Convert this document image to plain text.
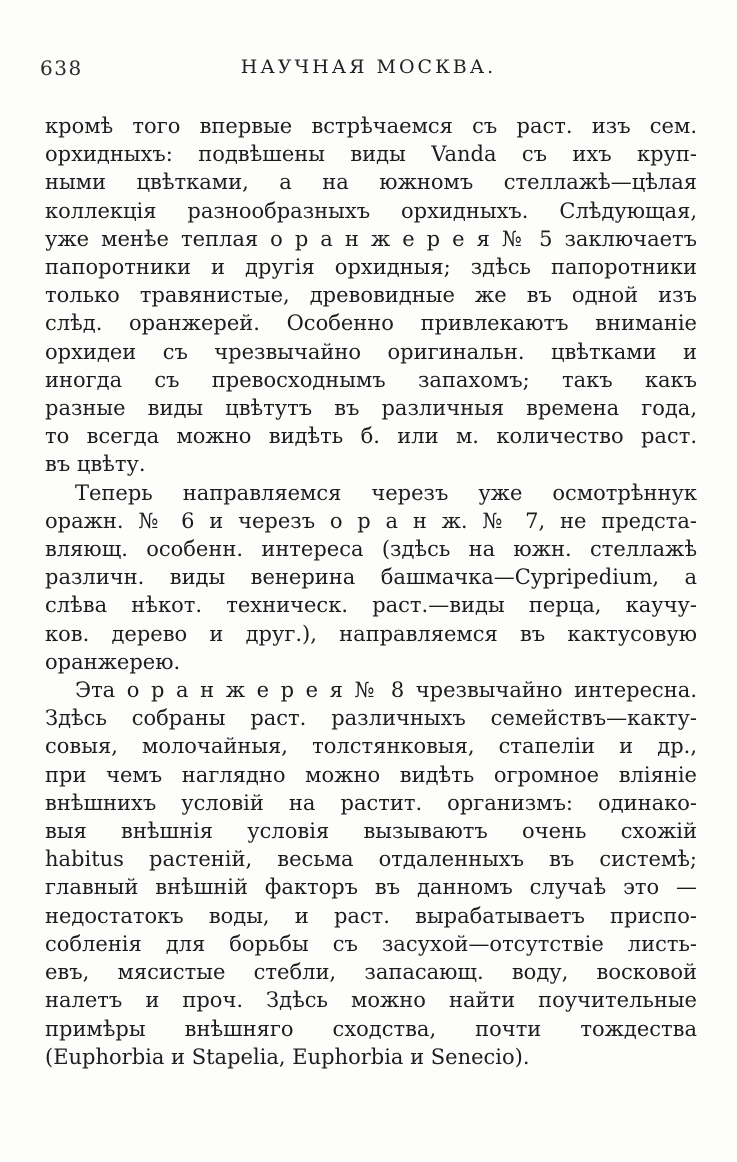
638	НАУЧНАЯ МОСКВА.
кромѣ того впервые встрѣчаемся съ раст. изъ сем.
орхидныхъ: подвѣшены виды Vanda съ ихъ круп-
ными цвѣтками, а на южномъ стеллажѣ—цѣлая
коллекція разнообразныхъ орхидныхъ. Слѣдующая,
уже менѣе теплая о р а н ж е р е я № 5 заключаетъ
папоротники и другія орхидныя; здѣсь папоротники
только травянистые, древовидные же въ одной изъ
слѣд. оранжерей. Особенно привлекаютъ вниманіе
орхидеи съ чрезвычайно оригинальн. цвѣтками и
иногда съ превосходнымъ запахомъ; такъ какъ
разные виды цвѣтутъ въ различныя времена года,
то всегда можно видѣть б. или м. количество раст.
въ цвѣту.
Теперь направляемся черезъ уже осмотрѣннук
оражн. № 6 и черезъ о р а н ж. № 7, не предста-
вляющ. особенн. интереса (здѣсь на южн. стеллажѣ
различн. виды венерина башмачка—Cypripedium, а
слѣва нѣкот. техническ. раст.—виды перца, каучу-
ков. дерево и друг.), направляемся въ кактусовую
оранжерею.
Эта о р а н ж е р е я № 8 чрезвычайно интересна.
Здѣсь собраны раст. различныхъ семействъ—какту-
совыя, молочайныя, толстянковыя, стапеліи и др.,
при чемъ наглядно можно видѣть огромное вліяніе
внѣшнихъ условій на растит. организмъ: одинако-
выя внѣшнія условія вызываютъ очень схожій
habitus растеній, весьма отдаленныхъ въ системѣ;
главный внѣшній факторъ въ данномъ случаѣ это —
недостатокъ воды, и раст. вырабатываетъ приспо-
собленія для борьбы съ засухой—отсутствіе листь-
евъ, мясистые стебли, запасающ. воду, восковой
налетъ и проч. Здѣсь можно найти поучительные
примѣры внѣшняго сходства, почти тождества
(Euphorbia и Stapelia, Euphorbia и Senecio).
